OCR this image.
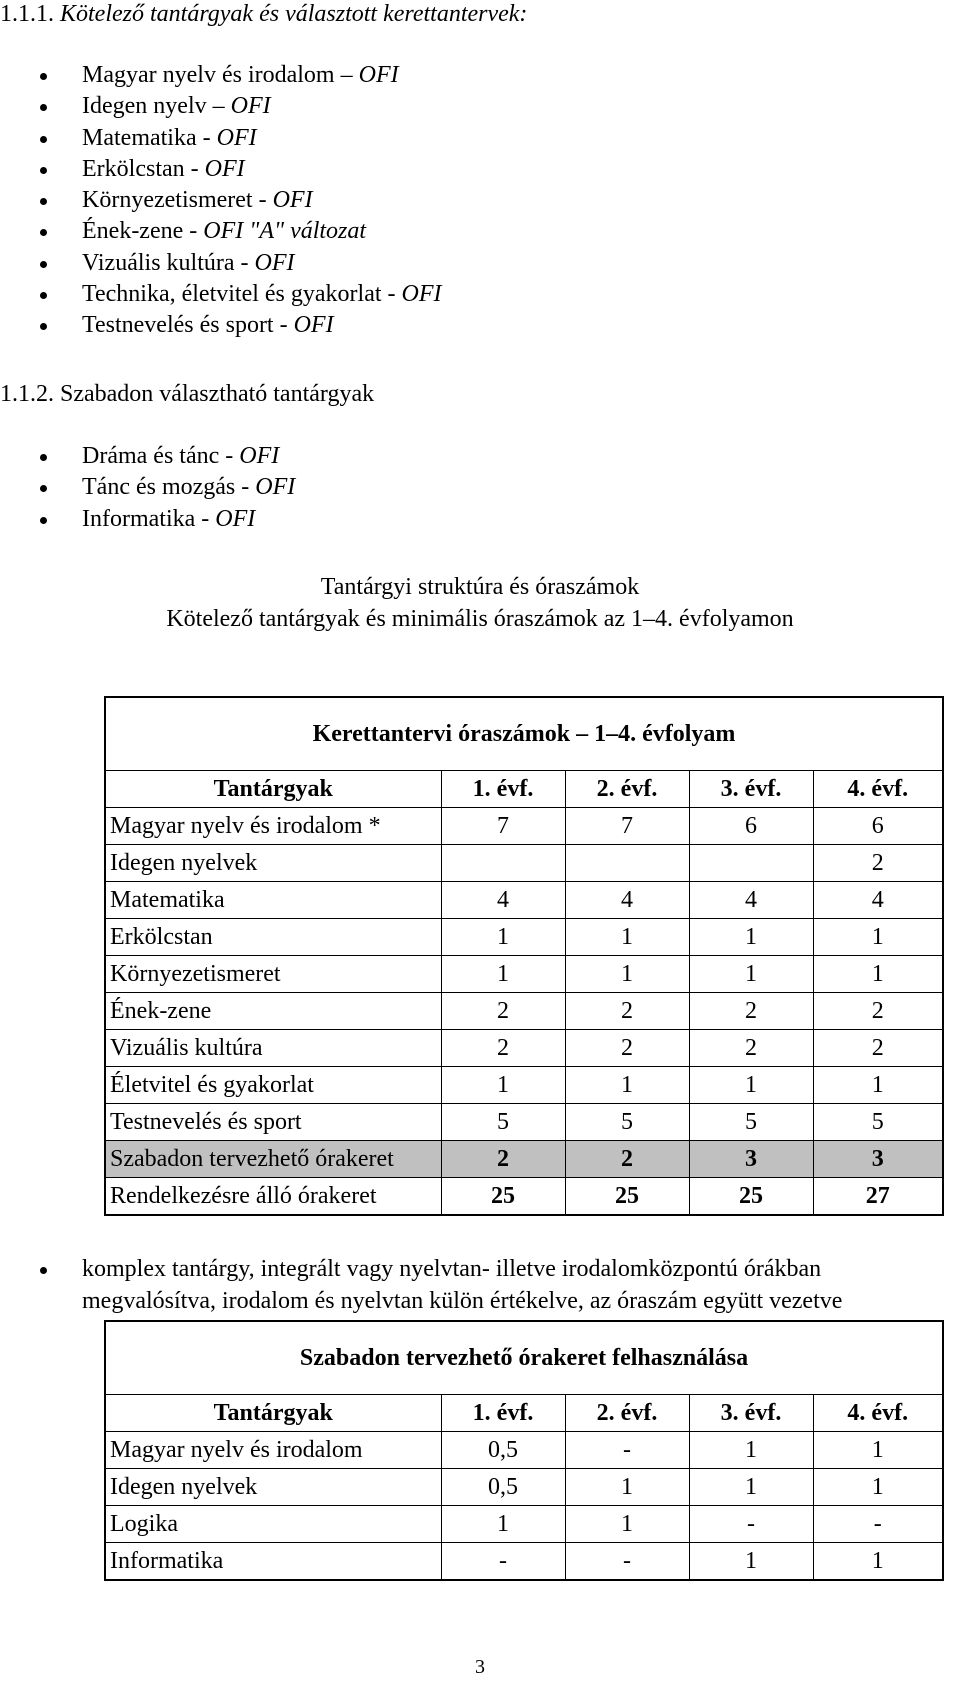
1.1.1. Kötelező tantárgyak és választott kerettantervek:
Magyar nyelv és irodalom – OFI
Idegen nyelv – OFI
Matematika - OFI
Erkölcstan - OFI
Környezetismeret - OFI
Ének-zene - OFI "A" változat
Vizuális kultúra - OFI
Technika, életvitel és gyakorlat - OFI
Testnevelés és sport - OFI
1.1.2. Szabadon választható tantárgyak
Dráma és tánc - OFI
Tánc és mozgás - OFI
Informatika - OFI
Tantárgyi struktúra és óraszámok
Kötelező tantárgyak és minimális óraszámok az 1–4. évfolyamon
Kerettantervi óraszámok – 1–4. évfolyam				
Tantárgyak	1. évf.	2. évf.	3. évf.	4. évf.
Magyar nyelv és irodalom *	7	7	6	6
Idegen nyelvek				2
Matematika	4	4	4	4
Erkölcstan	1	1	1	1
Környezetismeret	1	1	1	1
Ének-zene	2	2	2	2
Vizuális kultúra	2	2	2	2
Életvitel és gyakorlat	1	1	1	1
Testnevelés és sport	5	5	5	5
Szabadon tervezhető órakeret	2	2	3	3
Rendelkezésre álló órakeret	25	25	25	27
komplex tantárgy, integrált vagy nyelvtan- illetve irodalomközpontú órákban
megvalósítva, irodalom és nyelvtan külön értékelve, az óraszám együtt vezetve
Szabadon tervezhető órakeret felhasználása				
Tantárgyak	1. évf.	2. évf.	3. évf.	4. évf.
Magyar nyelv és irodalom	0,5	-	1	1
Idegen nyelvek	0,5	1	1	1
Logika	1	1	-	-
Informatika	-	-	1	1
3
